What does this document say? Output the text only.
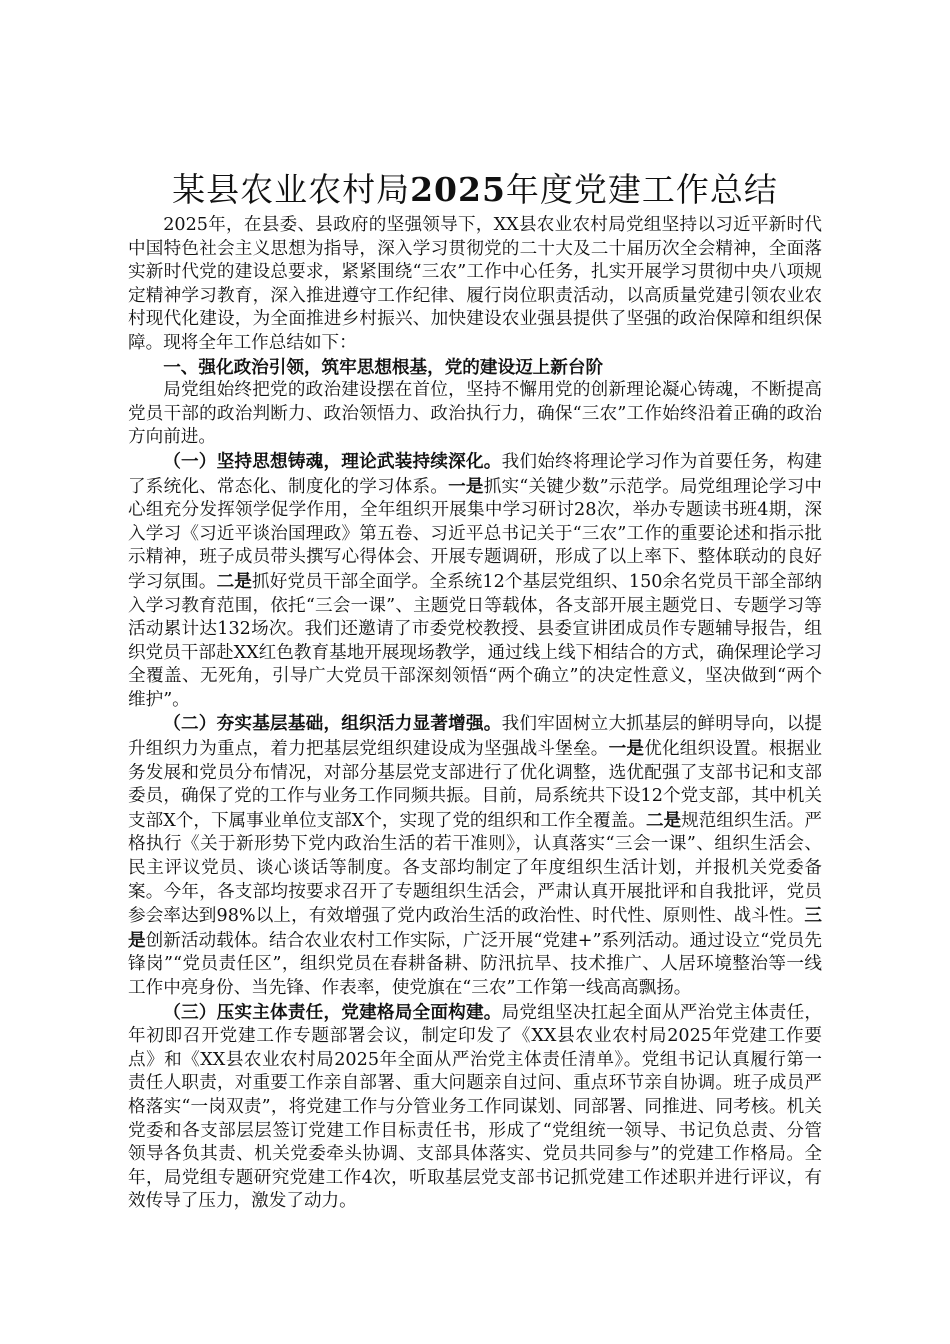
某县农业农村局2025年度党建工作总结

2025年，在县委、县政府的坚强领导下，XX县农业农村局党组坚持以习近平新时代中国特色社会主义思想为指导，深入学习贯彻党的二十大及二十届历次全会精神，全面落实新时代党的建设总要求，紧紧围绕“三农”工作中心任务，扎实开展学习贯彻中央八项规定精神学习教育，深入推进遵守工作纪律、履行岗位职责活动，以高质量党建引领农业农村现代化建设，为全面推进乡村振兴、加快建设农业强县提供了坚强的政治保障和组织保障。现将全年工作总结如下：

一、强化政治引领，筑牢思想根基，党的建设迈上新台阶

局党组始终把党的政治建设摆在首位，坚持不懈用党的创新理论凝心铸魂，不断提高党员干部的政治判断力、政治领悟力、政治执行力，确保“三农”工作始终沿着正确的政治方向前进。

（一）坚持思想铸魂，理论武装持续深化。我们始终将理论学习作为首要任务，构建了系统化、常态化、制度化的学习体系。一是抓实“关键少数”示范学。局党组理论学习中心组充分发挥领学促学作用，全年组织开展集中学习研讨28次，举办专题读书班4期，深入学习《习近平谈治国理政》第五卷、习近平总书记关于“三农”工作的重要论述和指示批示精神，班子成员带头撰写心得体会、开展专题调研，形成了以上率下、整体联动的良好学习氛围。二是抓好党员干部全面学。全系统12个基层党组织、150余名党员干部全部纳入学习教育范围，依托“三会一课”、主题党日等载体，各支部开展主题党日、专题学习等活动累计达132场次。我们还邀请了市委党校教授、县委宣讲团成员作专题辅导报告，组织党员干部赴XX红色教育基地开展现场教学，通过线上线下相结合的方式，确保理论学习全覆盖、无死角，引导广大党员干部深刻领悟“两个确立”的决定性意义，坚决做到“两个维护”。

（二）夯实基层基础，组织活力显著增强。我们牢固树立大抓基层的鲜明导向，以提升组织力为重点，着力把基层党组织建设成为坚强战斗堡垒。一是优化组织设置。根据业务发展和党员分布情况，对部分基层党支部进行了优化调整，选优配强了支部书记和支部委员，确保了党的工作与业务工作同频共振。目前，局系统共下设12个党支部，其中机关支部X个，下属事业单位支部X个，实现了党的组织和工作全覆盖。二是规范组织生活。严格执行《关于新形势下党内政治生活的若干准则》，认真落实“三会一课”、组织生活会、民主评议党员、谈心谈话等制度。各支部均制定了年度组织生活计划，并报机关党委备案。今年，各支部均按要求召开了专题组织生活会，严肃认真开展批评和自我批评，党员参会率达到98%以上，有效增强了党内政治生活的政治性、时代性、原则性、战斗性。三是创新活动载体。结合农业农村工作实际，广泛开展“党建+”系列活动。通过设立“党员先锋岗”“党员责任区”，组织党员在春耕备耕、防汛抗旱、技术推广、人居环境整治等一线工作中亮身份、当先锋、作表率，使党旗在“三农”工作第一线高高飘扬。

（三）压实主体责任，党建格局全面构建。局党组坚决扛起全面从严治党主体责任，年初即召开党建工作专题部署会议，制定印发了《XX县农业农村局2025年党建工作要点》和《XX县农业农村局2025年全面从严治党主体责任清单》。党组书记认真履行第一责任人职责，对重要工作亲自部署、重大问题亲自过问、重点环节亲自协调。班子成员严格落实“一岗双责”，将党建工作与分管业务工作同谋划、同部署、同推进、同考核。机关党委和各支部层层签订党建工作目标责任书，形成了“党组统一领导、书记负总责、分管领导各负其责、机关党委牵头协调、支部具体落实、党员共同参与”的党建工作格局。全年，局党组专题研究党建工作4次，听取基层党支部书记抓党建工作述职并进行评议，有效传导了压力，激发了动力。
